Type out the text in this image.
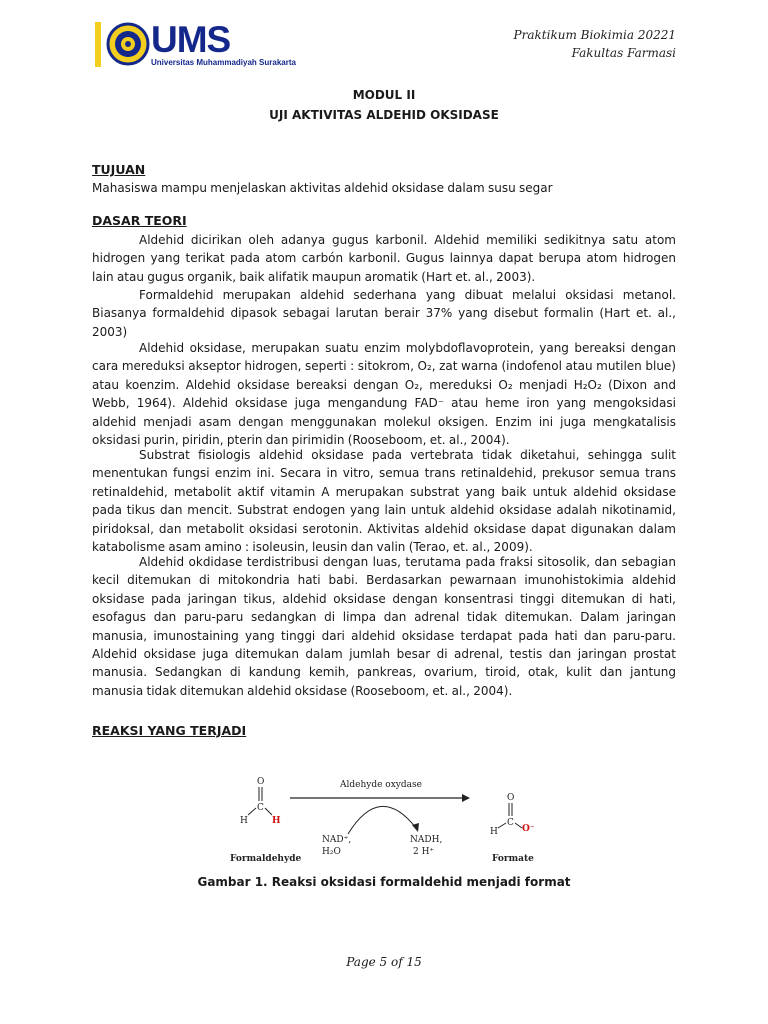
UMS
Universitas Muhammadiyah Surakarta
Praktikum Biokimia 20221
Fakultas Farmasi
MODUL II
UJI AKTIVITAS ALDEHID OKSIDASE
TUJUAN
Mahasiswa mampu menjelaskan aktivitas aldehid oksidase dalam susu segar
DASAR TEORI
Aldehid dicirikan oleh adanya gugus karbonil. Aldehid memiliki sedikitnya satu atom hidrogen yang terikat pada atom carbón karbonil. Gugus lainnya dapat berupa atom hidrogen lain atau gugus organik, baik alifatik maupun aromatik (Hart et. al., 2003).
Formaldehid merupakan aldehid sederhana yang dibuat melalui oksidasi metanol. Biasanya formaldehid dipasok sebagai larutan berair 37% yang disebut formalin (Hart et. al., 2003)
Aldehid oksidase, merupakan suatu enzim molybdoflavoprotein, yang bereaksi dengan cara mereduksi akseptor hidrogen, seperti : sitokrom, O₂, zat warna (indofenol atau mutilen blue) atau koenzim. Aldehid oksidase bereaksi dengan O₂, mereduksi O₂ menjadi H₂O₂ (Dixon and Webb, 1964). Aldehid oksidase juga mengandung FAD⁻ atau heme iron yang mengoksidasi aldehid menjadi asam dengan menggunakan molekul oksigen. Enzim ini juga mengkatalisis oksidasi purin, piridin, pterin dan pirimidin (Rooseboom, et. al., 2004).
Substrat fisiologis aldehid oksidase pada vertebrata tidak diketahui, sehingga sulit menentukan fungsi enzim ini. Secara in vitro, semua trans retinaldehid, prekusor semua trans retinaldehid, metabolit aktif vitamin A merupakan substrat yang baik untuk aldehid oksidase pada tikus dan mencit. Substrat endogen yang lain untuk aldehid oksidase adalah nikotinamid, piridoksal, dan metabolit oksidasi serotonin. Aktivitas aldehid oksidase dapat digunakan dalam katabolisme asam amino : isoleusin, leusin dan valin (Terao, et. al., 2009).
Aldehid okdidase terdistribusi dengan luas, terutama pada fraksi sitosolik, dan sebagian kecil ditemukan di mitokondria hati babi. Berdasarkan pewarnaan imunohistokimia aldehid oksidase pada jaringan tikus, aldehid oksidase dengan konsentrasi tinggi ditemukan di hati, esofagus dan paru-paru sedangkan di limpa dan adrenal tidak ditemukan. Dalam jaringan manusia, imunostaining yang tinggi dari aldehid oksidase terdapat pada hati dan paru-paru. Aldehid oksidase juga ditemukan dalam jumlah besar di adrenal, testis dan jaringan prostat manusia. Sedangkan di kandung kemih, pankreas, ovarium, tiroid, otak, kulit dan jantung manusia tidak ditemukan aldehid oksidase (Rooseboom, et. al., 2004).
REAKSI YANG TERJADI
O
C
H	H
Formaldehyde
Aldehyde oxydase
NAD⁺,
H₂O
NADH,
2 H⁺
O
C
H	O⁻
Formate
Gambar 1. Reaksi oksidasi formaldehid menjadi format
Page 5 of 15
